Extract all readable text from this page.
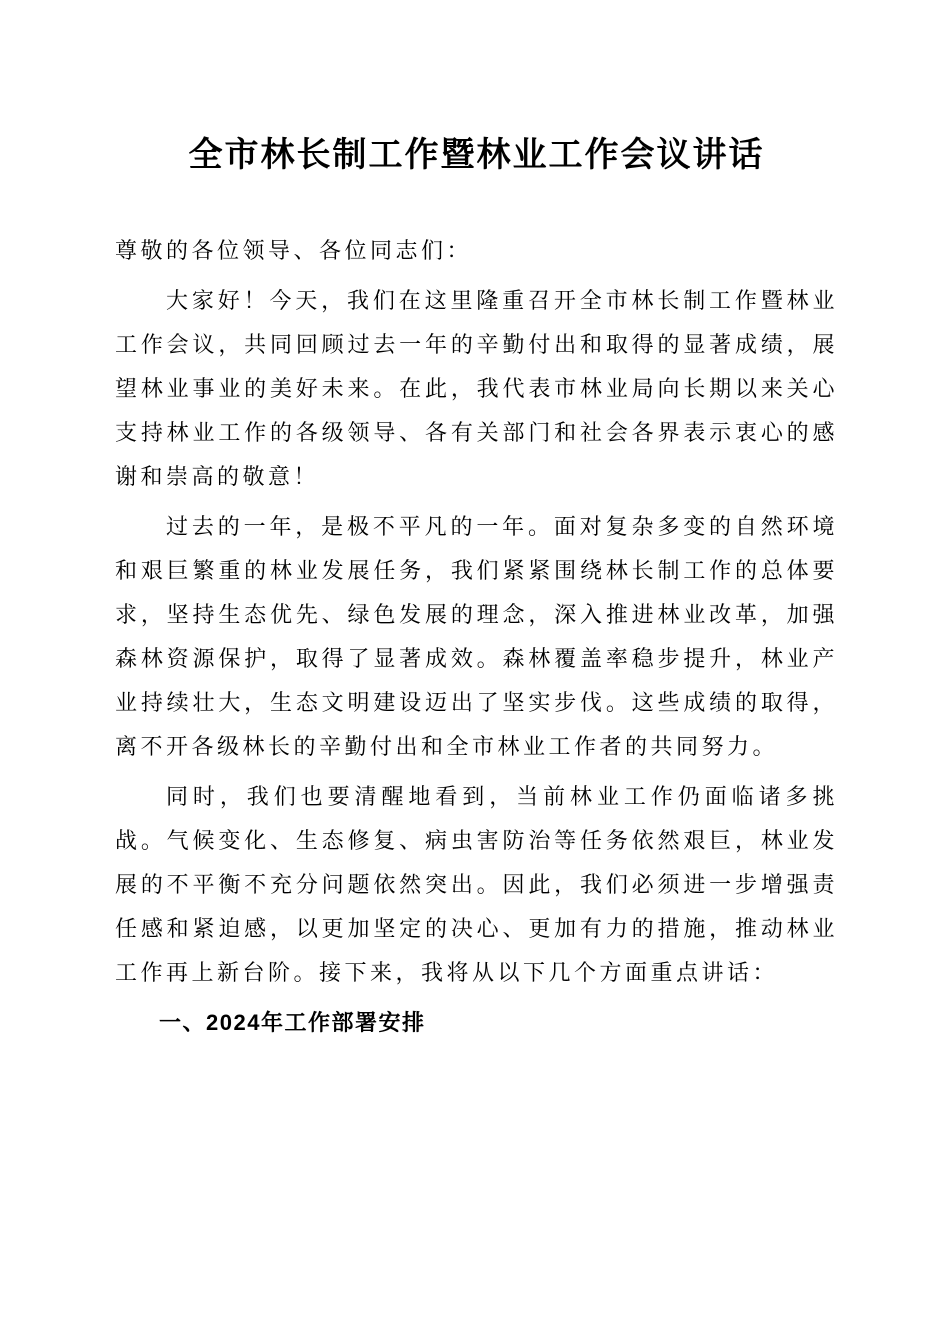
全市林长制工作暨林业工作会议讲话

尊敬的各位领导、各位同志们：

大家好！今天，我们在这里隆重召开全市林长制工作暨林业工作会议，共同回顾过去一年的辛勤付出和取得的显著成绩，展望林业事业的美好未来。在此，我代表市林业局向长期以来关心支持林业工作的各级领导、各有关部门和社会各界表示衷心的感谢和崇高的敬意！

过去的一年，是极不平凡的一年。面对复杂多变的自然环境和艰巨繁重的林业发展任务，我们紧紧围绕林长制工作的总体要求，坚持生态优先、绿色发展的理念，深入推进林业改革，加强森林资源保护，取得了显著成效。森林覆盖率稳步提升，林业产业持续壮大，生态文明建设迈出了坚实步伐。这些成绩的取得，离不开各级林长的辛勤付出和全市林业工作者的共同努力。

同时，我们也要清醒地看到，当前林业工作仍面临诸多挑战。气候变化、生态修复、病虫害防治等任务依然艰巨，林业发展的不平衡不充分问题依然突出。因此，我们必须进一步增强责任感和紧迫感，以更加坚定的决心、更加有力的措施，推动林业工作再上新台阶。接下来，我将从以下几个方面重点讲话：

一、2024年工作部署安排
